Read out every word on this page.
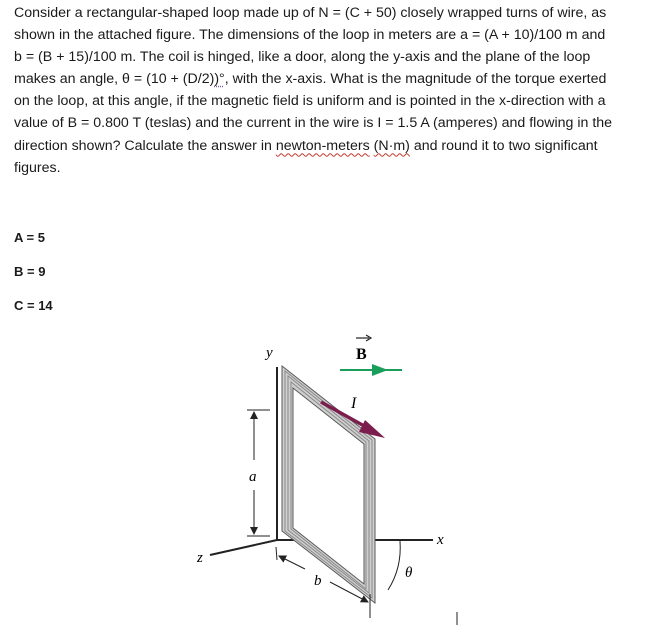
Consider a rectangular-shaped loop made up of N = (C + 50) closely wrapped turns of wire, as

shown in the attached figure. The dimensions of the loop in meters are a = (A + 10)/100 m and

b = (B + 15)/100 m. The coil is hinged, like a door, along the y-axis and the plane of the loop

makes an angle, θ = (10 + (D/2))°, with the x-axis. What is the magnitude of the torque exerted

on the loop, at this angle, if the magnetic field is uniform and is pointed in the x-direction with a

value of B = 0.800 T (teslas) and the current in the wire is I = 1.5 A (amperes) and flowing in the

direction shown? Calculate the answer in newton-meters (N·m) and round it to two significant

figures.

A = 5
B = 9
C = 14
y
x
z
B
I
a
b	θ
